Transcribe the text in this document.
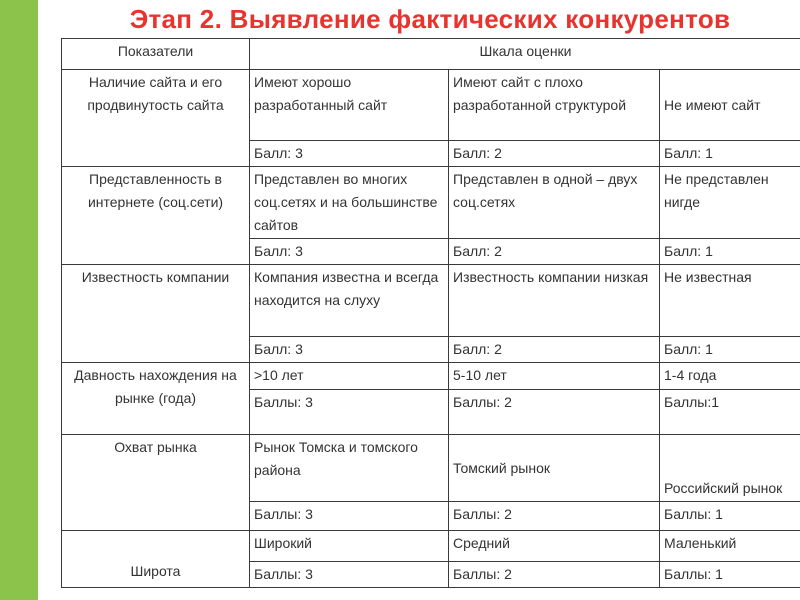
Этап 2. Выявление фактических конкурентов
Показатели	Шкала оценки		
Наличие сайта и его продвинутость сайта	Имеют хорошо разработанный сайт	Имеют сайт с плохо разработанной структурой	Не имеют сайт
	Балл: 3	Балл: 2	Балл: 1
Представленность в интернете (соц.сети)	Представлен во многих соц.сетях и на большинстве сайтов	Представлен в одной – двух соц.сетях	Не представлен нигде
	Балл: 3	Балл: 2	Балл: 1
Известность компании	Компания известна и всегда находится на слуху	Известность компании низкая	Не известная
	Балл: 3	Балл: 2	Балл: 1
Давность нахождения на рынке (года)	>10 лет	5-10 лет	1-4 года
	Баллы: 3	Баллы: 2	Баллы:1
Охват рынка	Рынок Томска и томского района	Томский рынок	Российский рынок
	Баллы: 3	Баллы: 2	Баллы: 1
Широта	Широкий	Средний	Маленький
	Баллы: 3	Баллы: 2	Баллы: 1
